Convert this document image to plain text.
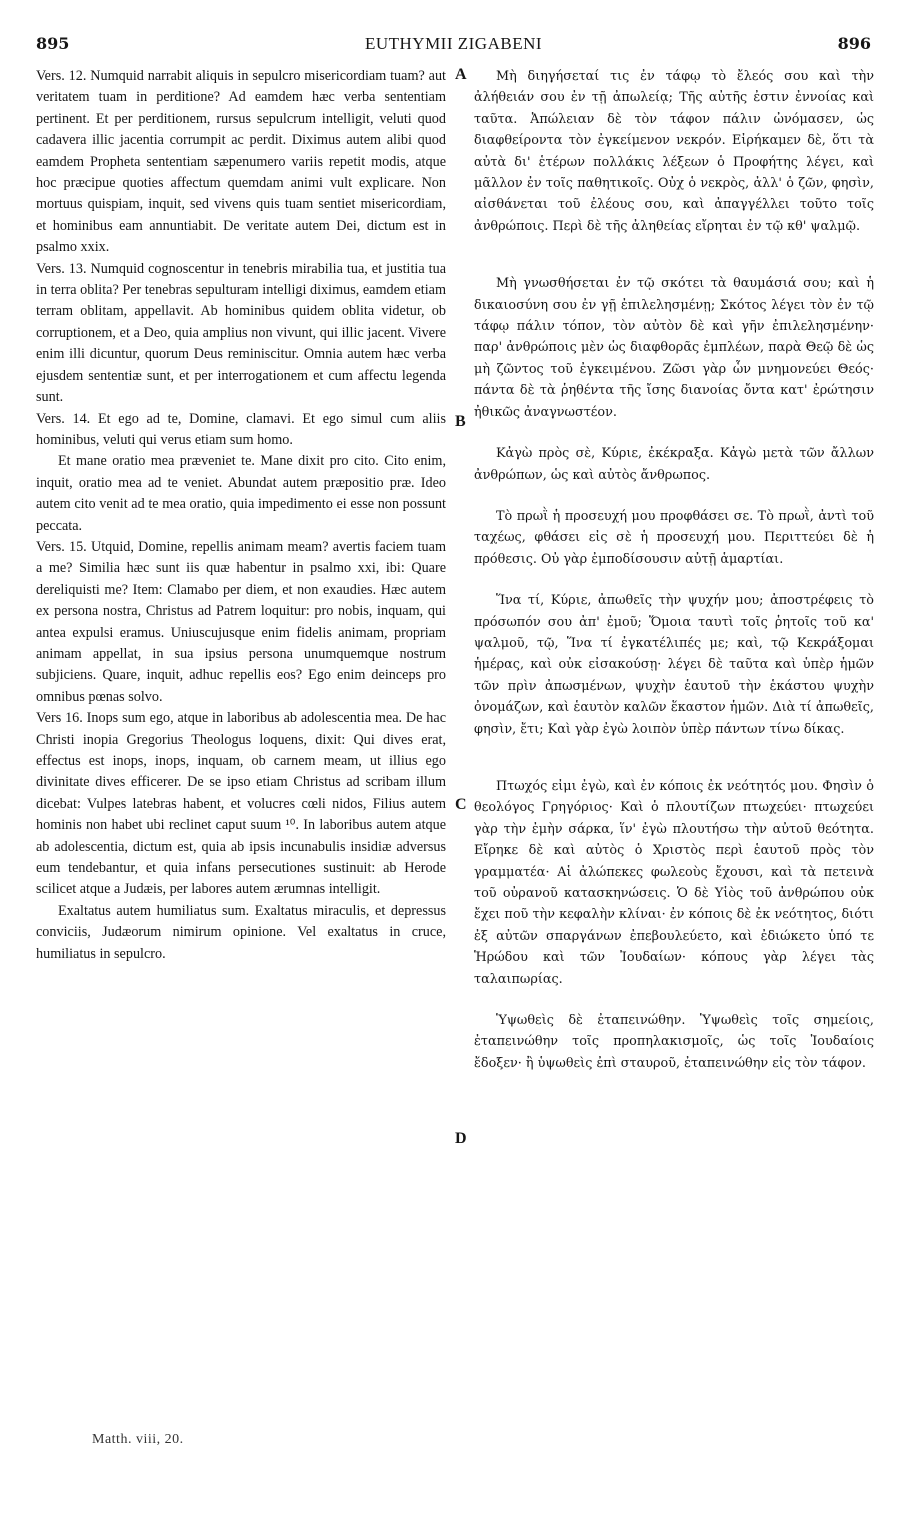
895	EUTHYMII ZIGABENI	896
A
B
C
D

Vers. 12. Numquid narrabit aliquis in sepulcro misericordiam tuam? aut veritatem tuam in perditione? Ad eamdem hæc verba sententiam pertinent. Et per perditionem, rursus sepulcrum intelligit, veluti quod cadavera illic jacentia corrumpit ac perdit. Diximus autem alibi quod eamdem Propheta sententiam sæpenumero variis repetit modis, atque hoc præcipue quoties affectum quemdam animi vult explicare. Non mortuus quispiam, inquit, sed vivens quis tuam sentiet misericordiam, et hominibus eam annuntiabit. De veritate autem Dei, dictum est in psalmo xxix.

Vers. 13. Numquid cognoscentur in tenebris mirabilia tua, et justitia tua in terra oblita? Per tenebras sepulturam intelligi diximus, eamdem etiam terram oblitam, appellavit. Ab hominibus quidem oblita videtur, ob corruptionem, et a Deo, quia amplius non vivunt, qui illic jacent. Vivere enim illi dicuntur, quorum Deus reminiscitur. Omnia autem hæc verba ejusdem sententiæ sunt, et per interrogationem et cum affectu legenda sunt.

Vers. 14. Et ego ad te, Domine, clamavi. Et ego simul cum aliis hominibus, veluti qui verus etiam sum homo.

Et mane oratio mea præveniet te. Mane dixit pro cito. Cito enim, inquit, oratio mea ad te veniet. Abundat autem præpositio præ. Ideo autem cito venit ad te mea oratio, quia impedimento ei esse non possunt peccata.

Vers. 15. Utquid, Domine, repellis animam meam? avertis faciem tuam a me? Similia hæc sunt iis quæ habentur in psalmo xxi, ibi: Quare dereliquisti me? Item: Clamabo per diem, et non exaudies. Hæc autem ex persona nostra, Christus ad Patrem loquitur: pro nobis, inquam, qui antea expulsi eramus. Uniuscujusque enim fidelis animam, propriam animam appellat, in sua ipsius persona unumquemque nostrum subjiciens. Quare, inquit, adhuc repellis eos? Ego enim deinceps pro omnibus pœnas solvo.

Vers 16. Inops sum ego, atque in laboribus ab adolescentia mea. De hac Christi inopia Gregorius Theologus loquens, dixit: Qui dives erat, effectus est inops, inops, inquam, ob carnem meam, ut illius ego divinitate dives efficerer. De se ipso etiam Christus ad scribam illum dicebat: Vulpes latebras habent, et volucres cœli nidos, Filius autem hominis non habet ubi reclinet caput suum ¹⁰. In laboribus autem atque ab adolescentia, dictum est, quia ab ipsis incunabulis insidiæ adversus eum tendebantur, et quia infans persecutiones sustinuit: ab Herode scilicet atque a Judæis, per labores autem ærumnas intelligit.

Exaltatus autem humiliatus sum. Exaltatus miraculis, et depressus conviciis, Judæorum nimirum opinione. Vel exaltatus in cruce, humiliatus in sepulcro.

Μὴ διηγήσεταί τις ἐν τάφῳ τὸ ἔλεός σου καὶ τὴν ἀλήθειάν σου ἐν τῇ ἀπωλείᾳ; Τῆς αὐτῆς ἐστιν ἐννοίας καὶ ταῦτα. Ἀπώλειαν δὲ τὸν τάφον πάλιν ὠνόμασεν, ὡς διαφθείροντα τὸν ἐγκείμενον νεκρόν. Εἰρήκαμεν δὲ, ὅτι τὰ αὐτὰ δι' ἑτέρων πολλάκις λέξεων ὁ Προφήτης λέγει, καὶ μᾶλλον ἐν τοῖς παθητικοῖς. Οὐχ ὁ νεκρὸς, ἀλλ' ὁ ζῶν, φησὶν, αἰσθάνεται τοῦ ἐλέους σου, καὶ ἀπαγγέλλει τοῦτο τοῖς ἀνθρώποις. Περὶ δὲ τῆς ἀληθείας εἴρηται ἐν τῷ κθ' ψαλμῷ.

Μὴ γνωσθήσεται ἐν τῷ σκότει τὰ θαυμάσιά σου; καὶ ἡ δικαιοσύνη σου ἐν γῇ ἐπιλελησμένῃ; Σκότος λέγει τὸν ἐν τῷ τάφῳ πάλιν τόπον, τὸν αὐτὸν δὲ καὶ γῆν ἐπιλελησμένην· παρ' ἀνθρώποις μὲν ὡς διαφθορᾶς ἐμπλέων, παρὰ Θεῷ δὲ ὡς μὴ ζῶντος τοῦ ἐγκειμένου. Ζῶσι γὰρ ὧν μνημονεύει Θεός· πάντα δὲ τὰ ῥηθέντα τῆς ἴσης διανοίας ὄντα κατ' ἐρώτησιν ἠθικῶς ἀναγνωστέον.

Κἀγὼ πρὸς σὲ, Κύριε, ἐκέκραξα. Κἀγὼ μετὰ τῶν ἄλλων ἀνθρώπων, ὡς καὶ αὐτὸς ἄνθρωπος.

Τὸ πρωῒ ἡ προσευχή μου προφθάσει σε. Τὸ πρωῒ, ἀντὶ τοῦ ταχέως, φθάσει εἰς σὲ ἡ προσευχή μου. Περιττεύει δὲ ἡ πρόθεσις. Οὐ γὰρ ἐμποδίσουσιν αὐτῇ ἁμαρτίαι.

Ἵνα τί, Κύριε, ἀπωθεῖς τὴν ψυχήν μου; ἀποστρέφεις τὸ πρόσωπόν σου ἀπ' ἐμοῦ; Ὅμοια ταυτὶ τοῖς ῥητοῖς τοῦ κα' ψαλμοῦ, τῷ, Ἵνα τί ἐγκατέλιπές με; καὶ, τῷ Κεκράξομαι ἡμέρας, καὶ οὐκ εἰσακούσῃ· λέγει δὲ ταῦτα καὶ ὑπὲρ ἡμῶν τῶν πρὶν ἀπωσμένων, ψυχὴν ἑαυτοῦ τὴν ἑκάστου ψυχὴν ὀνομάζων, καὶ ἑαυτὸν καλῶν ἕκαστον ἡμῶν. Διὰ τί ἀπωθεῖς, φησὶν, ἔτι; Καὶ γὰρ ἐγὼ λοιπὸν ὑπὲρ πάντων τίνω δίκας.

Πτωχός εἰμι ἐγὼ, καὶ ἐν κόποις ἐκ νεότητός μου. Φησὶν ὁ θεολόγος Γρηγόριος· Καὶ ὁ πλουτίζων πτωχεύει· πτωχεύει γὰρ τὴν ἐμὴν σάρκα, ἵν' ἐγὼ πλουτήσω τὴν αὐτοῦ θεότητα. Εἴρηκε δὲ καὶ αὐτὸς ὁ Χριστὸς περὶ ἑαυτοῦ πρὸς τὸν γραμματέα· Αἱ ἀλώπεκες φωλεοὺς ἔχουσι, καὶ τὰ πετεινὰ τοῦ οὐρανοῦ κατασκηνώσεις. Ὁ δὲ Υἱὸς τοῦ ἀνθρώπου οὐκ ἔχει ποῦ τὴν κεφαλὴν κλίναι· ἐν κόποις δὲ ἐκ νεότητος, διότι ἐξ αὐτῶν σπαργάνων ἐπεβουλεύετο, καὶ ἐδιώκετο ὑπό τε Ἡρώδου καὶ τῶν Ἰουδαίων· κόπους γὰρ λέγει τὰς ταλαιπωρίας.

Ὑψωθεὶς δὲ ἐταπεινώθην. Ὑψωθεὶς τοῖς σημείοις, ἐταπεινώθην τοῖς προπηλακισμοῖς, ὡς τοῖς Ἰουδαίοις ἔδοξεν· ἢ ὑψωθεὶς ἐπὶ σταυροῦ, ἐταπεινώθην εἰς τὸν τάφον.

Matth. viii, 20.
